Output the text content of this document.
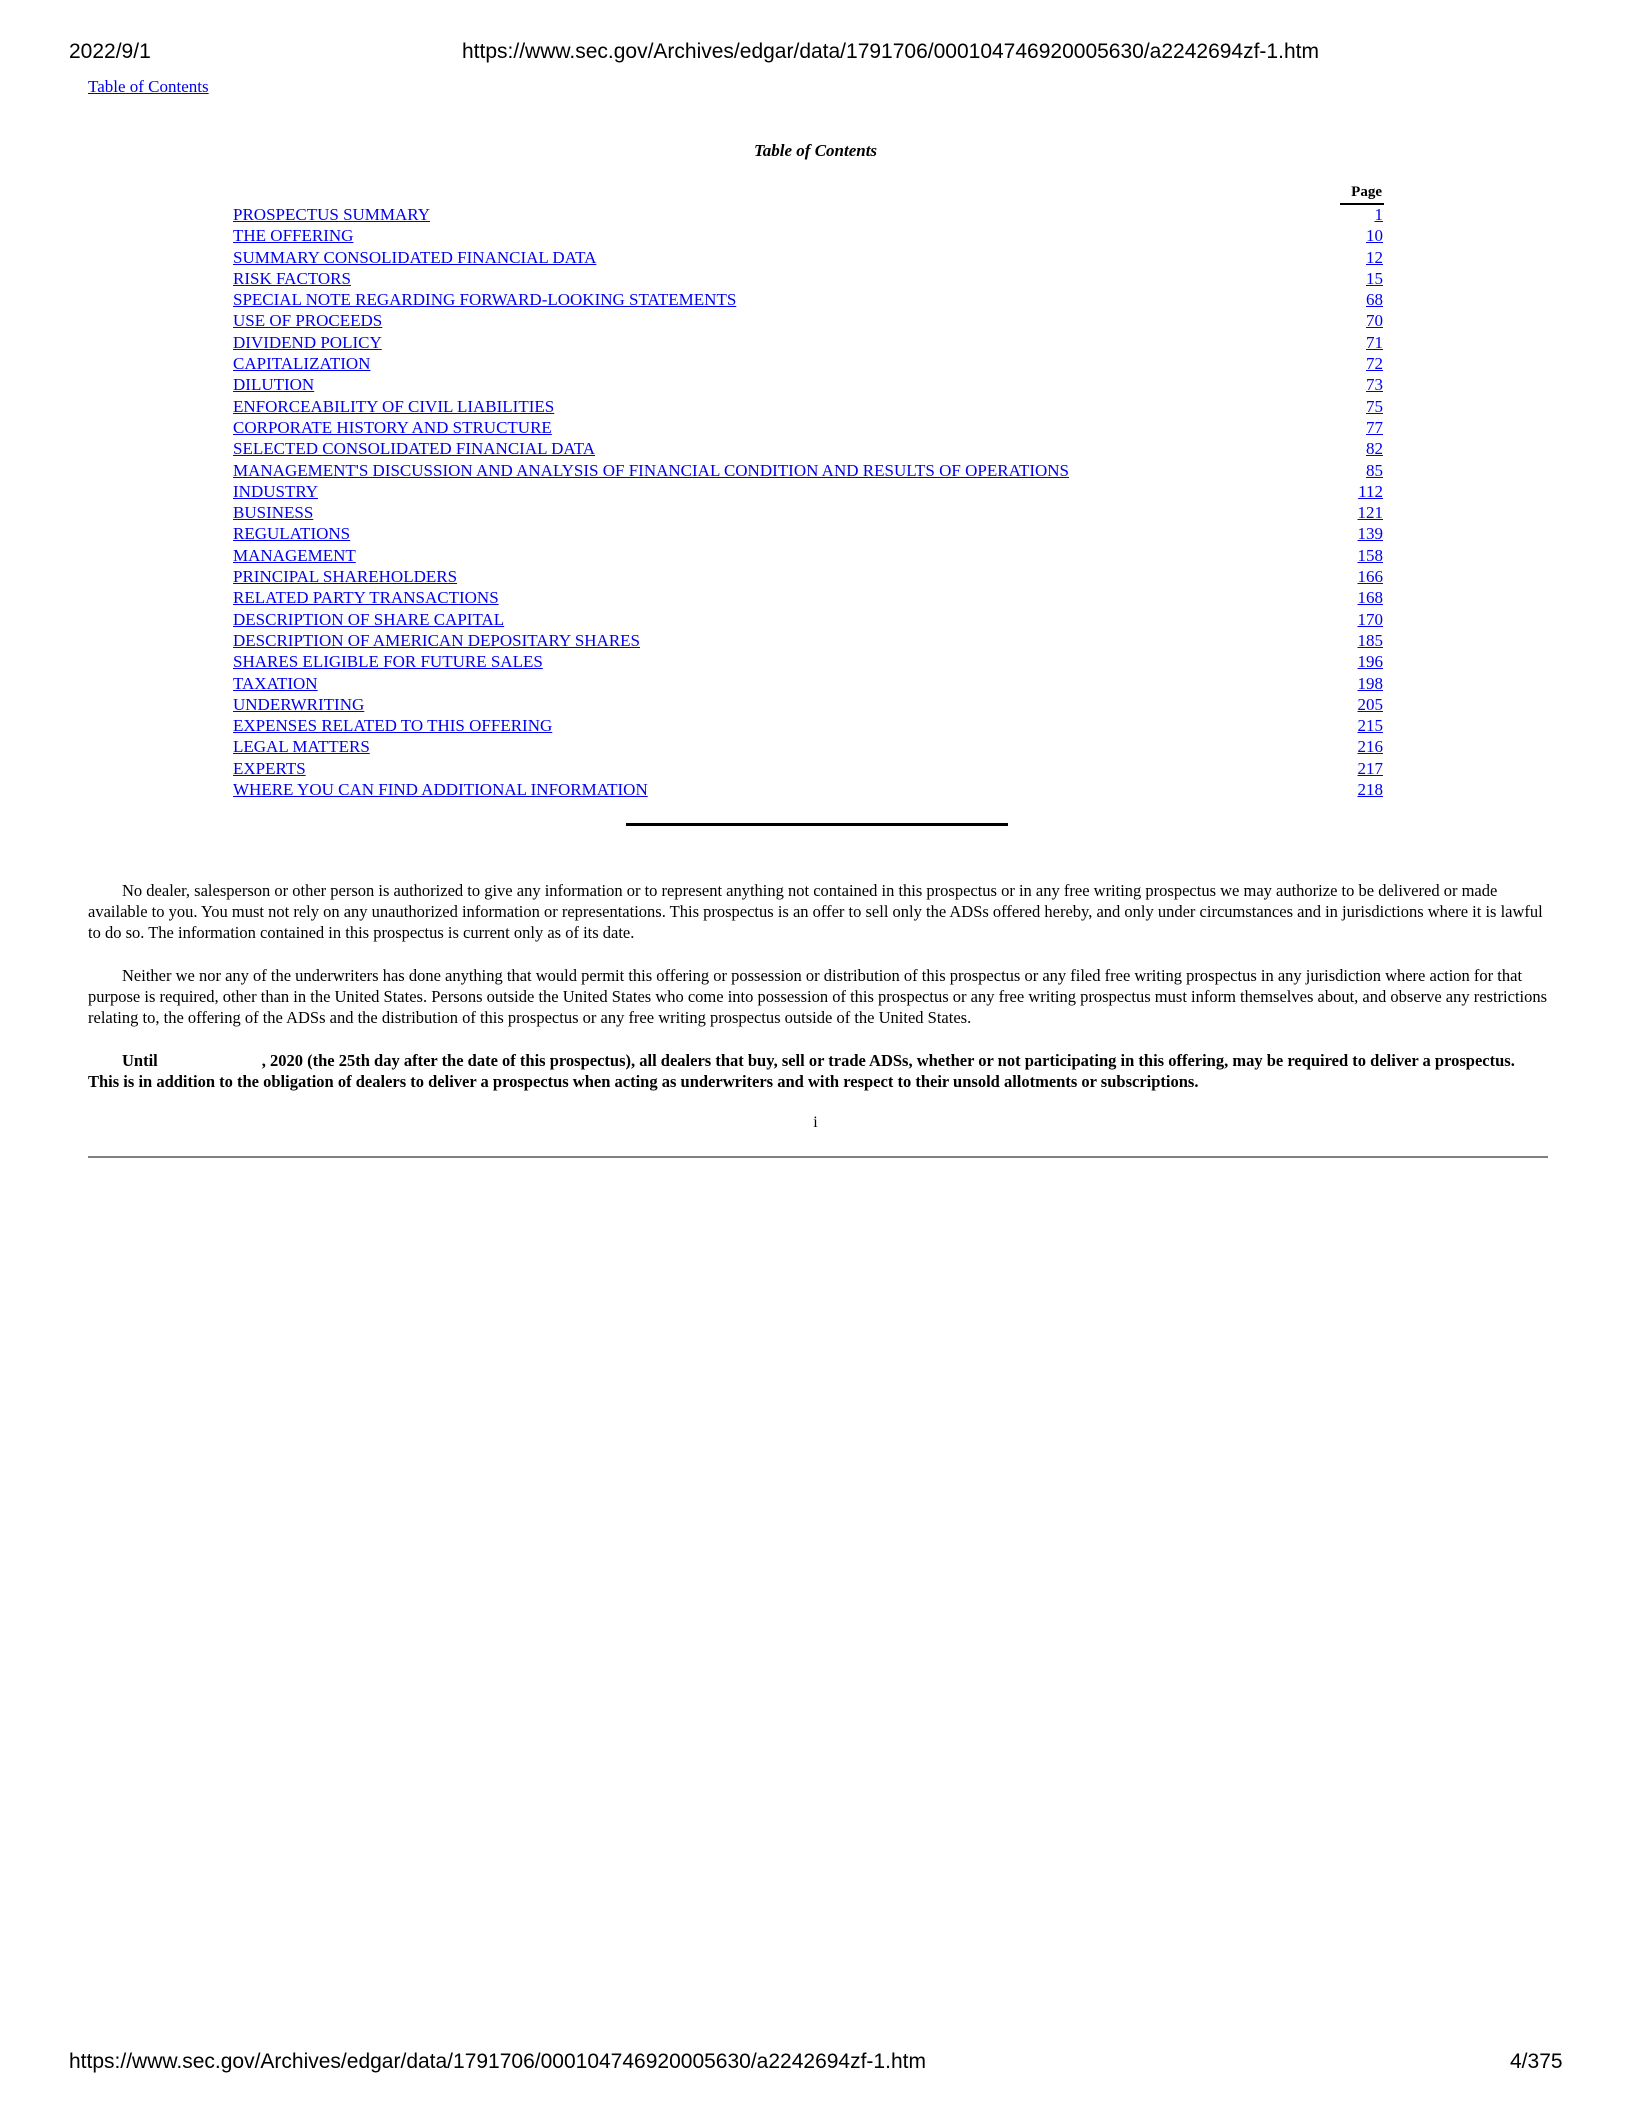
2022/9/1	https://www.sec.gov/Archives/edgar/data/1791706/000104746920005630/a2242694zf-1.htm
Table of Contents
Table of Contents
Page
PROSPECTUS SUMMARY	1
THE OFFERING	10
SUMMARY CONSOLIDATED FINANCIAL DATA	12
RISK FACTORS	15
SPECIAL NOTE REGARDING FORWARD-LOOKING STATEMENTS	68
USE OF PROCEEDS	70
DIVIDEND POLICY	71
CAPITALIZATION	72
DILUTION	73
ENFORCEABILITY OF CIVIL LIABILITIES	75
CORPORATE HISTORY AND STRUCTURE	77
SELECTED CONSOLIDATED FINANCIAL DATA	82
MANAGEMENT'S DISCUSSION AND ANALYSIS OF FINANCIAL CONDITION AND RESULTS OF OPERATIONS	85
INDUSTRY	112
BUSINESS	121
REGULATIONS	139
MANAGEMENT	158
PRINCIPAL SHAREHOLDERS	166
RELATED PARTY TRANSACTIONS	168
DESCRIPTION OF SHARE CAPITAL	170
DESCRIPTION OF AMERICAN DEPOSITARY SHARES	185
SHARES ELIGIBLE FOR FUTURE SALES	196
TAXATION	198
UNDERWRITING	205
EXPENSES RELATED TO THIS OFFERING	215
LEGAL MATTERS	216
EXPERTS	217
WHERE YOU CAN FIND ADDITIONAL INFORMATION	218

No dealer, salesperson or other person is authorized to give any information or to represent anything not contained in this prospectus or in any free writing prospectus we may authorize to be delivered or made available to you. You must not rely on any unauthorized information or representations. This prospectus is an offer to sell only the ADSs offered hereby, and only under circumstances and in jurisdictions where it is lawful to do so. The information contained in this prospectus is current only as of its date.

Neither we nor any of the underwriters has done anything that would permit this offering or possession or distribution of this prospectus or any filed free writing prospectus in any jurisdiction where action for that purpose is required, other than in the United States. Persons outside the United States who come into possession of this prospectus or any free writing prospectus must inform themselves about, and observe any restrictions relating to, the offering of the ADSs and the distribution of this prospectus or any free writing prospectus outside of the United States.

Until	, 2020 (the 25th day after the date of this prospectus), all dealers that buy, sell or trade ADSs, whether or not participating in this offering, may be required to deliver a prospectus. This is in addition to the obligation of dealers to deliver a prospectus when acting as underwriters and with respect to their unsold allotments or subscriptions.

i
https://www.sec.gov/Archives/edgar/data/1791706/000104746920005630/a2242694zf-1.htm	4/375
